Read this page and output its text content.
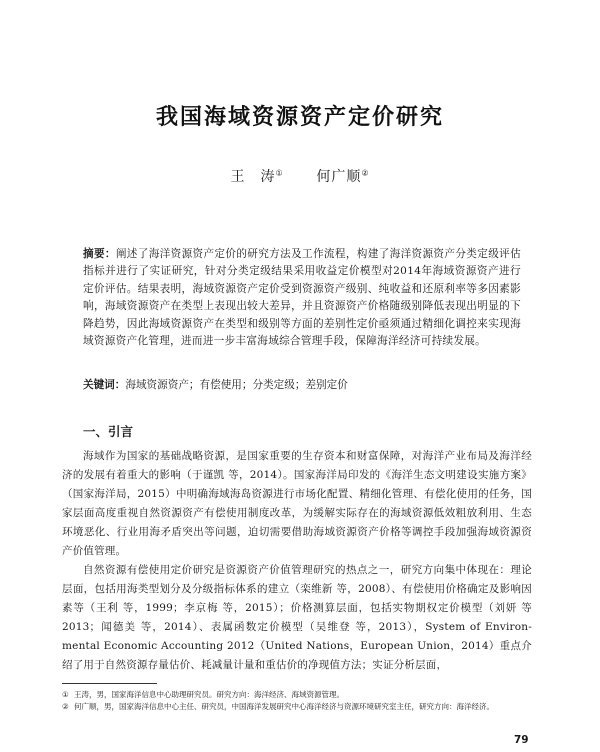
我国海域资源资产定价研究
王　涛① 何广顺②
摘要：阐述了海洋资源资产定价的研究方法及工作流程，构建了海洋资源资产分类定级评估指标并进行了实证研究，针对分类定级结果采用收益定价模型对2014年海域资源资产进行定价评估。结果表明，海域资源资产定价受到资源资产级别、纯收益和还原利率等多因素影响，海域资源资产在类型上表现出较大差异，并且资源资产价格随级别降低表现出明显的下降趋势，因此海域资源资产在类型和级别等方面的差别性定价亟须通过精细化调控来实现海域资源资产化管理，进而进一步丰富海域综合管理手段，保障海洋经济可持续发展。
关键词：海域资源资产；有偿使用；分类定级；差别定价
一、引言

海域作为国家的基础战略资源，是国家重要的生存资本和财富保障，对海洋产业布局及海洋经济的发展有着重大的影响（于谨凯 等，2014）。国家海洋局印发的《海洋生态文明建设实施方案》（国家海洋局，2015）中明确海域海岛资源进行市场化配置、精细化管理、有偿化使用的任务，国家层面高度重视自然资源资产有偿使用制度改革，为缓解实际存在的海域资源低效粗放利用、生态环境恶化、行业用海矛盾突出等问题，迫切需要借助海域资源资产价格等调控手段加强海域资源资产价值管理。

自然资源有偿使用定价研究是资源资产价值管理研究的热点之一，研究方向集中体现在：理论层面，包括用海类型划分及分级指标体系的建立（栾维新 等，2008）、有偿使用价格确定及影响因素等（王利 等，1999；李京梅 等，2015）；价格测算层面，包括实物期权定价模型（刘妍 等2013；闻德美 等，2014）、表属函数定价模型（吴维登 等，2013），System of Environ-mental Economic Accounting 2012（United Nations，European Union，2014）重点介绍了用于自然资源存量估价、耗减量计量和重估价的净现值方法；实证分析层面，

① 王涛，男，国家海洋信息中心助理研究员。研究方向：海洋经济、海域资源管理。

② 何广顺，男，国家海洋信息中心主任、研究员，中国海洋发展研究中心海洋经济与资源环境研究室主任，研究方向：海洋经济。

79
